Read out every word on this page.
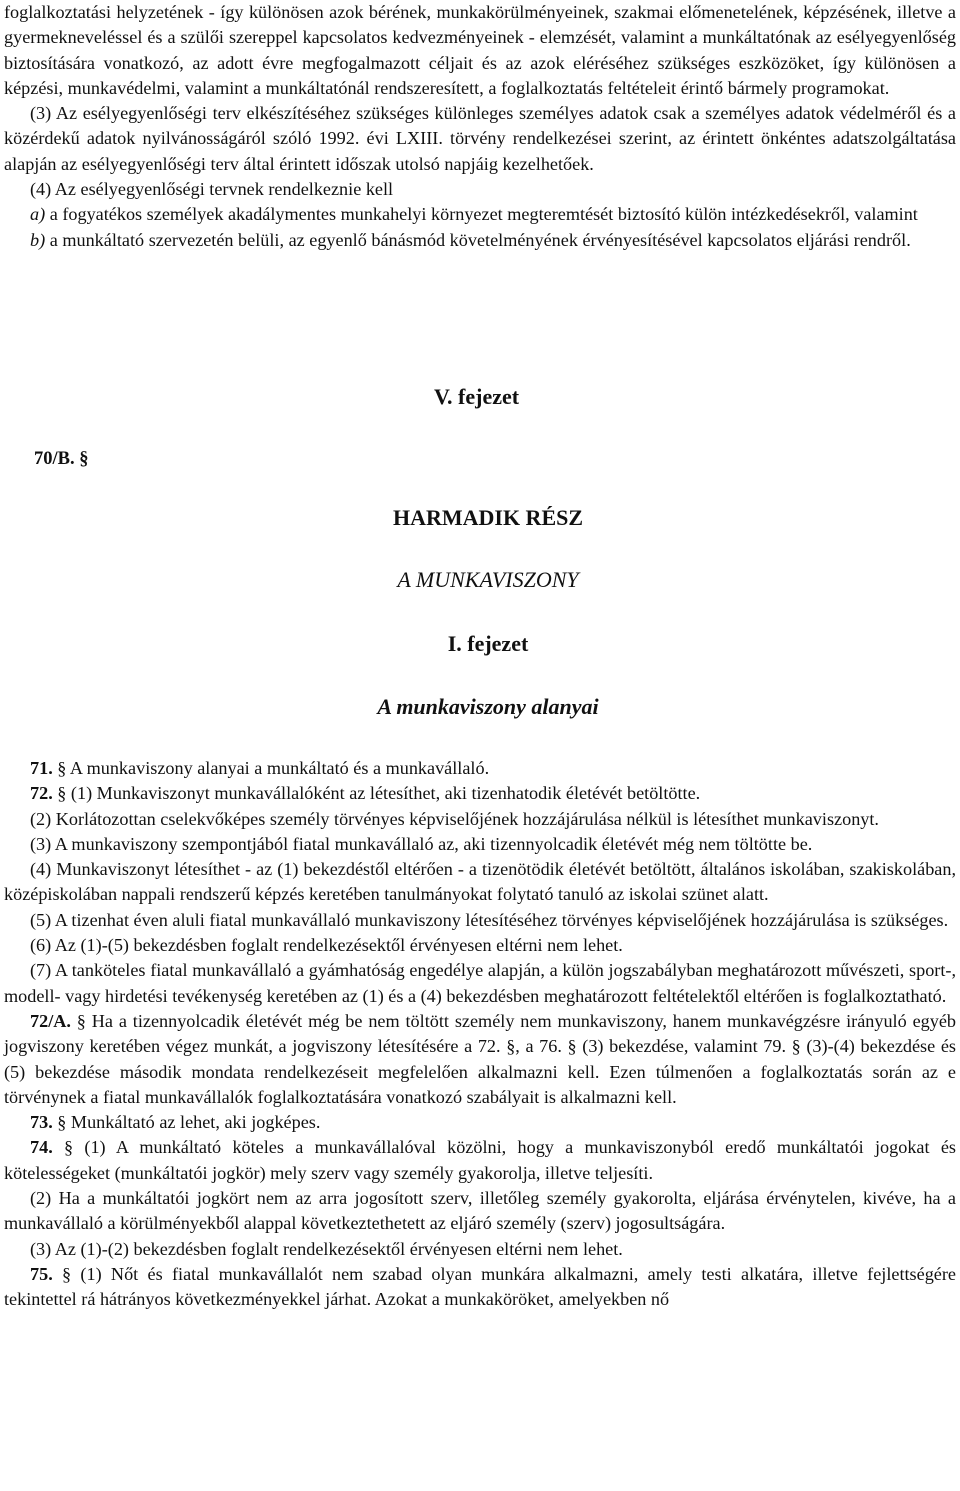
foglalkoztatási helyzetének - így különösen azok bérének, munkakörülményeinek, szakmai előmenetelének, képzésének, illetve a gyermekneveléssel és a szülői szereppel kapcsolatos kedvezményeinek - elemzését, valamint a munkáltatónak az esélyegyenlőség biztosítására vonatkozó, az adott évre megfogalmazott céljait és az azok eléréséhez szükséges eszközöket, így különösen a képzési, munkavédelmi, valamint a munkáltatónál rendszeresített, a foglalkoztatás feltételeit érintő bármely programokat.

(3) Az esélyegyenlőségi terv elkészítéséhez szükséges különleges személyes adatok csak a személyes adatok védelméről és a közérdekű adatok nyilvánosságáról szóló 1992. évi LXIII. törvény rendelkezései szerint, az érintett önkéntes adatszolgáltatása alapján az esélyegyenlőségi terv által érintett időszak utolsó napjáig kezelhetőek.

(4) Az esélyegyenlőségi tervnek rendelkeznie kell

a) a fogyatékos személyek akadálymentes munkahelyi környezet megteremtését biztosító külön intézkedésekről, valamint

b) a munkáltató szervezetén belüli, az egyenlő bánásmód követelményének érvényesítésével kapcsolatos eljárási rendről.

V. fejezet

70/B. §

HARMADIK RÉSZ

A MUNKAVISZONY

I. fejezet

A munkaviszony alanyai

71. § A munkaviszony alanyai a munkáltató és a munkavállaló.

72. § (1) Munkaviszonyt munkavállalóként az létesíthet, aki tizenhatodik életévét betöltötte.

(2) Korlátozottan cselekvőképes személy törvényes képviselőjének hozzájárulása nélkül is létesíthet munkaviszonyt.

(3) A munkaviszony szempontjából fiatal munkavállaló az, aki tizennyolcadik életévét még nem töltötte be.

(4) Munkaviszonyt létesíthet - az (1) bekezdéstől eltérően - a tizenötödik életévét betöltött, általános iskolában, szakiskolában, középiskolában nappali rendszerű képzés keretében tanulmányokat folytató tanuló az iskolai szünet alatt.

(5) A tizenhat éven aluli fiatal munkavállaló munkaviszony létesítéséhez törvényes képviselőjének hozzájárulása is szükséges.

(6) Az (1)-(5) bekezdésben foglalt rendelkezésektől érvényesen eltérni nem lehet.

(7) A tanköteles fiatal munkavállaló a gyámhatóság engedélye alapján, a külön jogszabályban meghatározott művészeti, sport-, modell- vagy hirdetési tevékenység keretében az (1) és a (4) bekezdésben meghatározott feltételektől eltérően is foglalkoztatható.

72/A. § Ha a tizennyolcadik életévét még be nem töltött személy nem munkaviszony, hanem munkavégzésre irányuló egyéb jogviszony keretében végez munkát, a jogviszony létesítésére a 72. §, a 76. § (3) bekezdése, valamint 79. § (3)-(4) bekezdése és (5) bekezdése második mondata rendelkezéseit megfelelően alkalmazni kell. Ezen túlmenően a foglalkoztatás során az e törvénynek a fiatal munkavállalók foglalkoztatására vonatkozó szabályait is alkalmazni kell.

73. § Munkáltató az lehet, aki jogképes.

74. § (1) A munkáltató köteles a munkavállalóval közölni, hogy a munkaviszonyból eredő munkáltatói jogokat és kötelességeket (munkáltatói jogkör) mely szerv vagy személy gyakorolja, illetve teljesíti.

(2) Ha a munkáltatói jogkört nem az arra jogosított szerv, illetőleg személy gyakorolta, eljárása érvénytelen, kivéve, ha a munkavállaló a körülményekből alappal következtethetett az eljáró személy (szerv) jogosultságára.

(3) Az (1)-(2) bekezdésben foglalt rendelkezésektől érvényesen eltérni nem lehet.

75. § (1) Nőt és fiatal munkavállalót nem szabad olyan munkára alkalmazni, amely testi alkatára, illetve fejlettségére tekintettel rá hátrányos következményekkel járhat. Azokat a munkaköröket, amelyekben nő
